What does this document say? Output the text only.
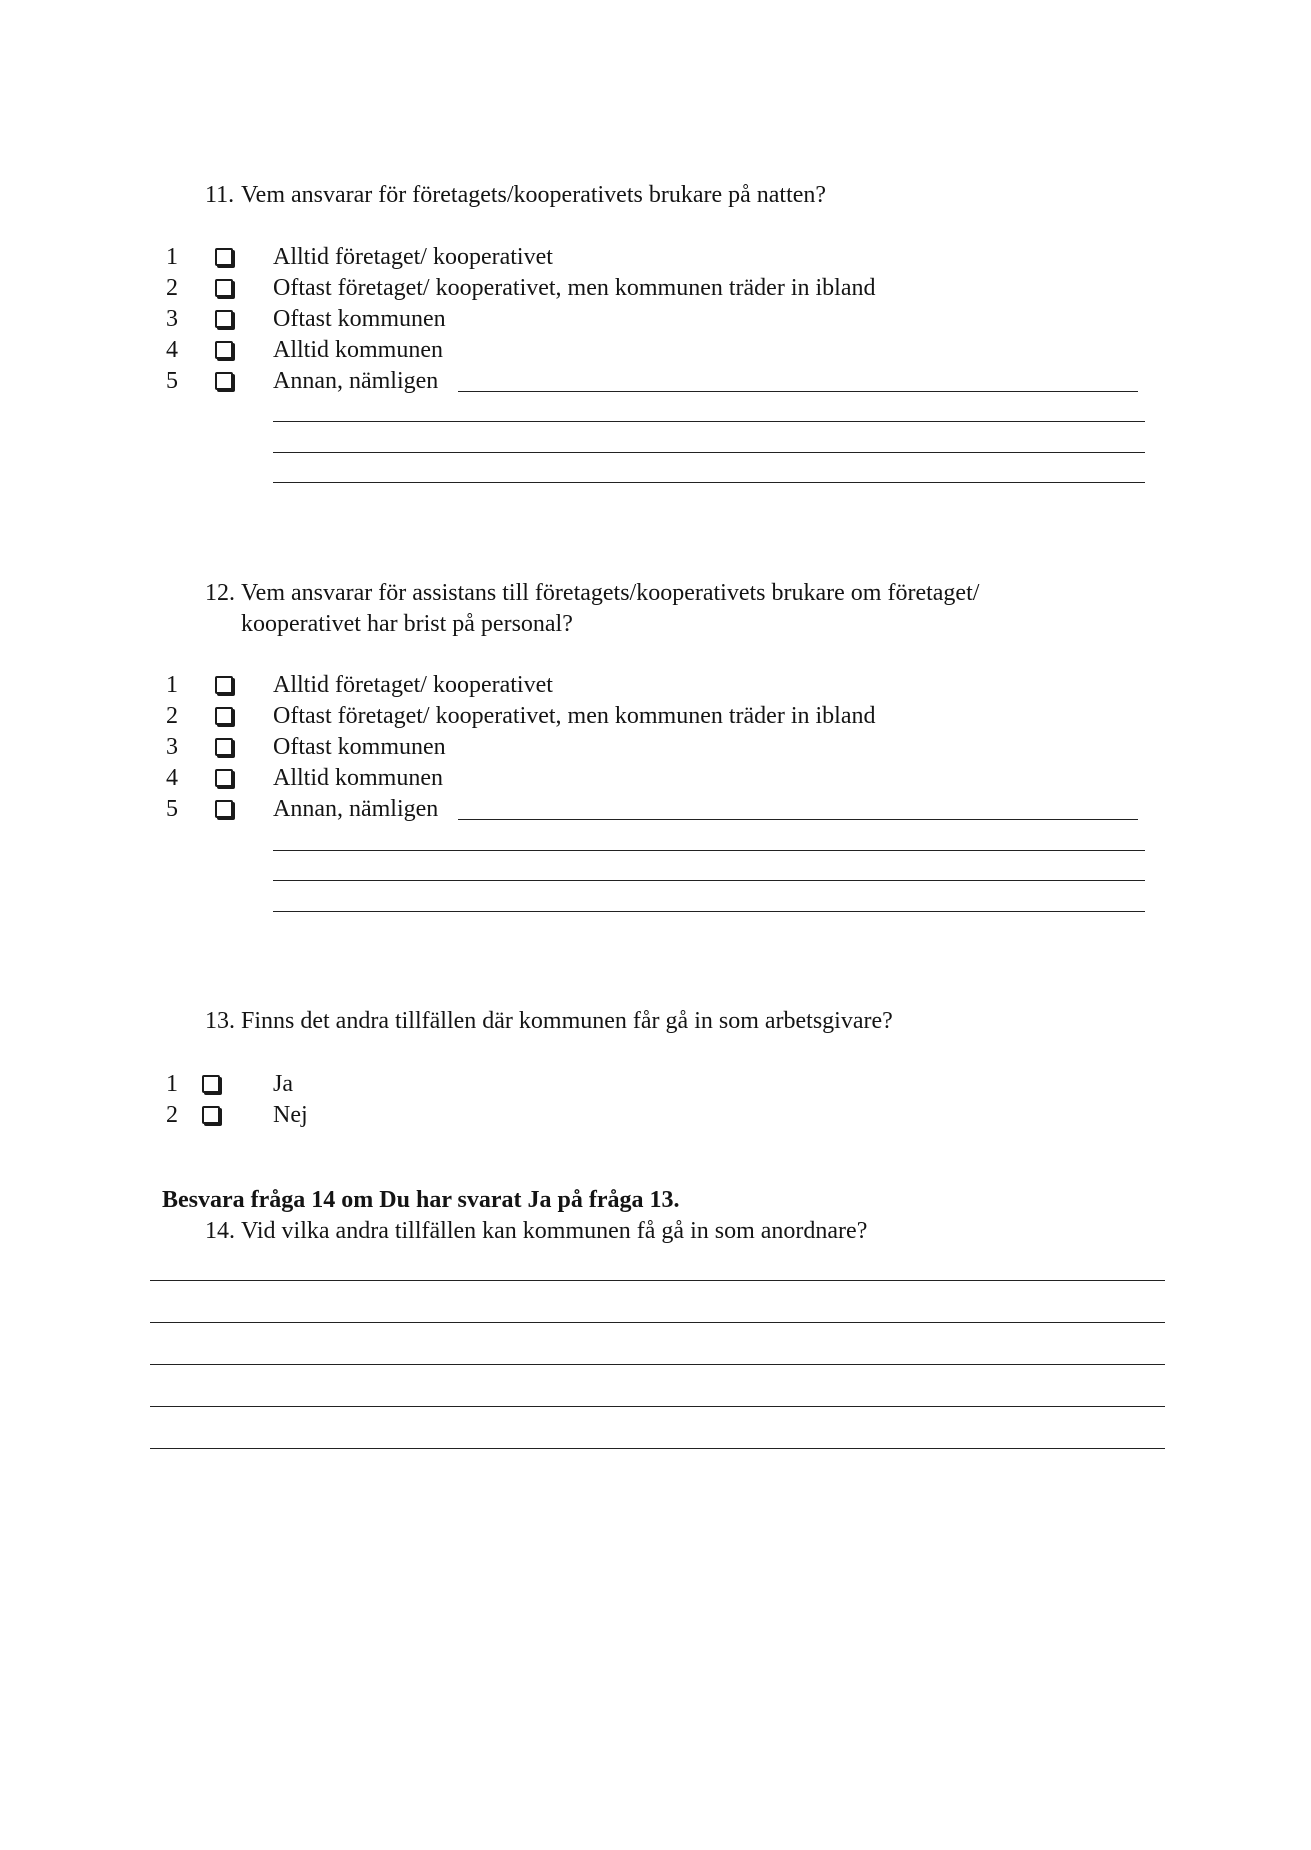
11. Vem ansvarar för företagets/kooperativets brukare på natten?

1	Alltid företaget/ kooperativet
2	Oftast företaget/ kooperativet, men kommunen träder in ibland
3	Oftast kommunen
4	Alltid kommunen
5	Annan, nämligen

12. Vem ansvarar för assistans till företagets/kooperativets brukare om företaget/
kooperativet har brist på personal?

1	Alltid företaget/ kooperativet
2	Oftast företaget/ kooperativet, men kommunen träder in ibland
3	Oftast kommunen
4	Alltid kommunen
5	Annan, nämligen

13. Finns det andra tillfällen där kommunen får gå in som arbetsgivare?

1	Ja
2	Nej

Besvara fråga 14 om Du har svarat Ja på fråga 13.

14. Vid vilka andra tillfällen kan kommunen få gå in som anordnare?
